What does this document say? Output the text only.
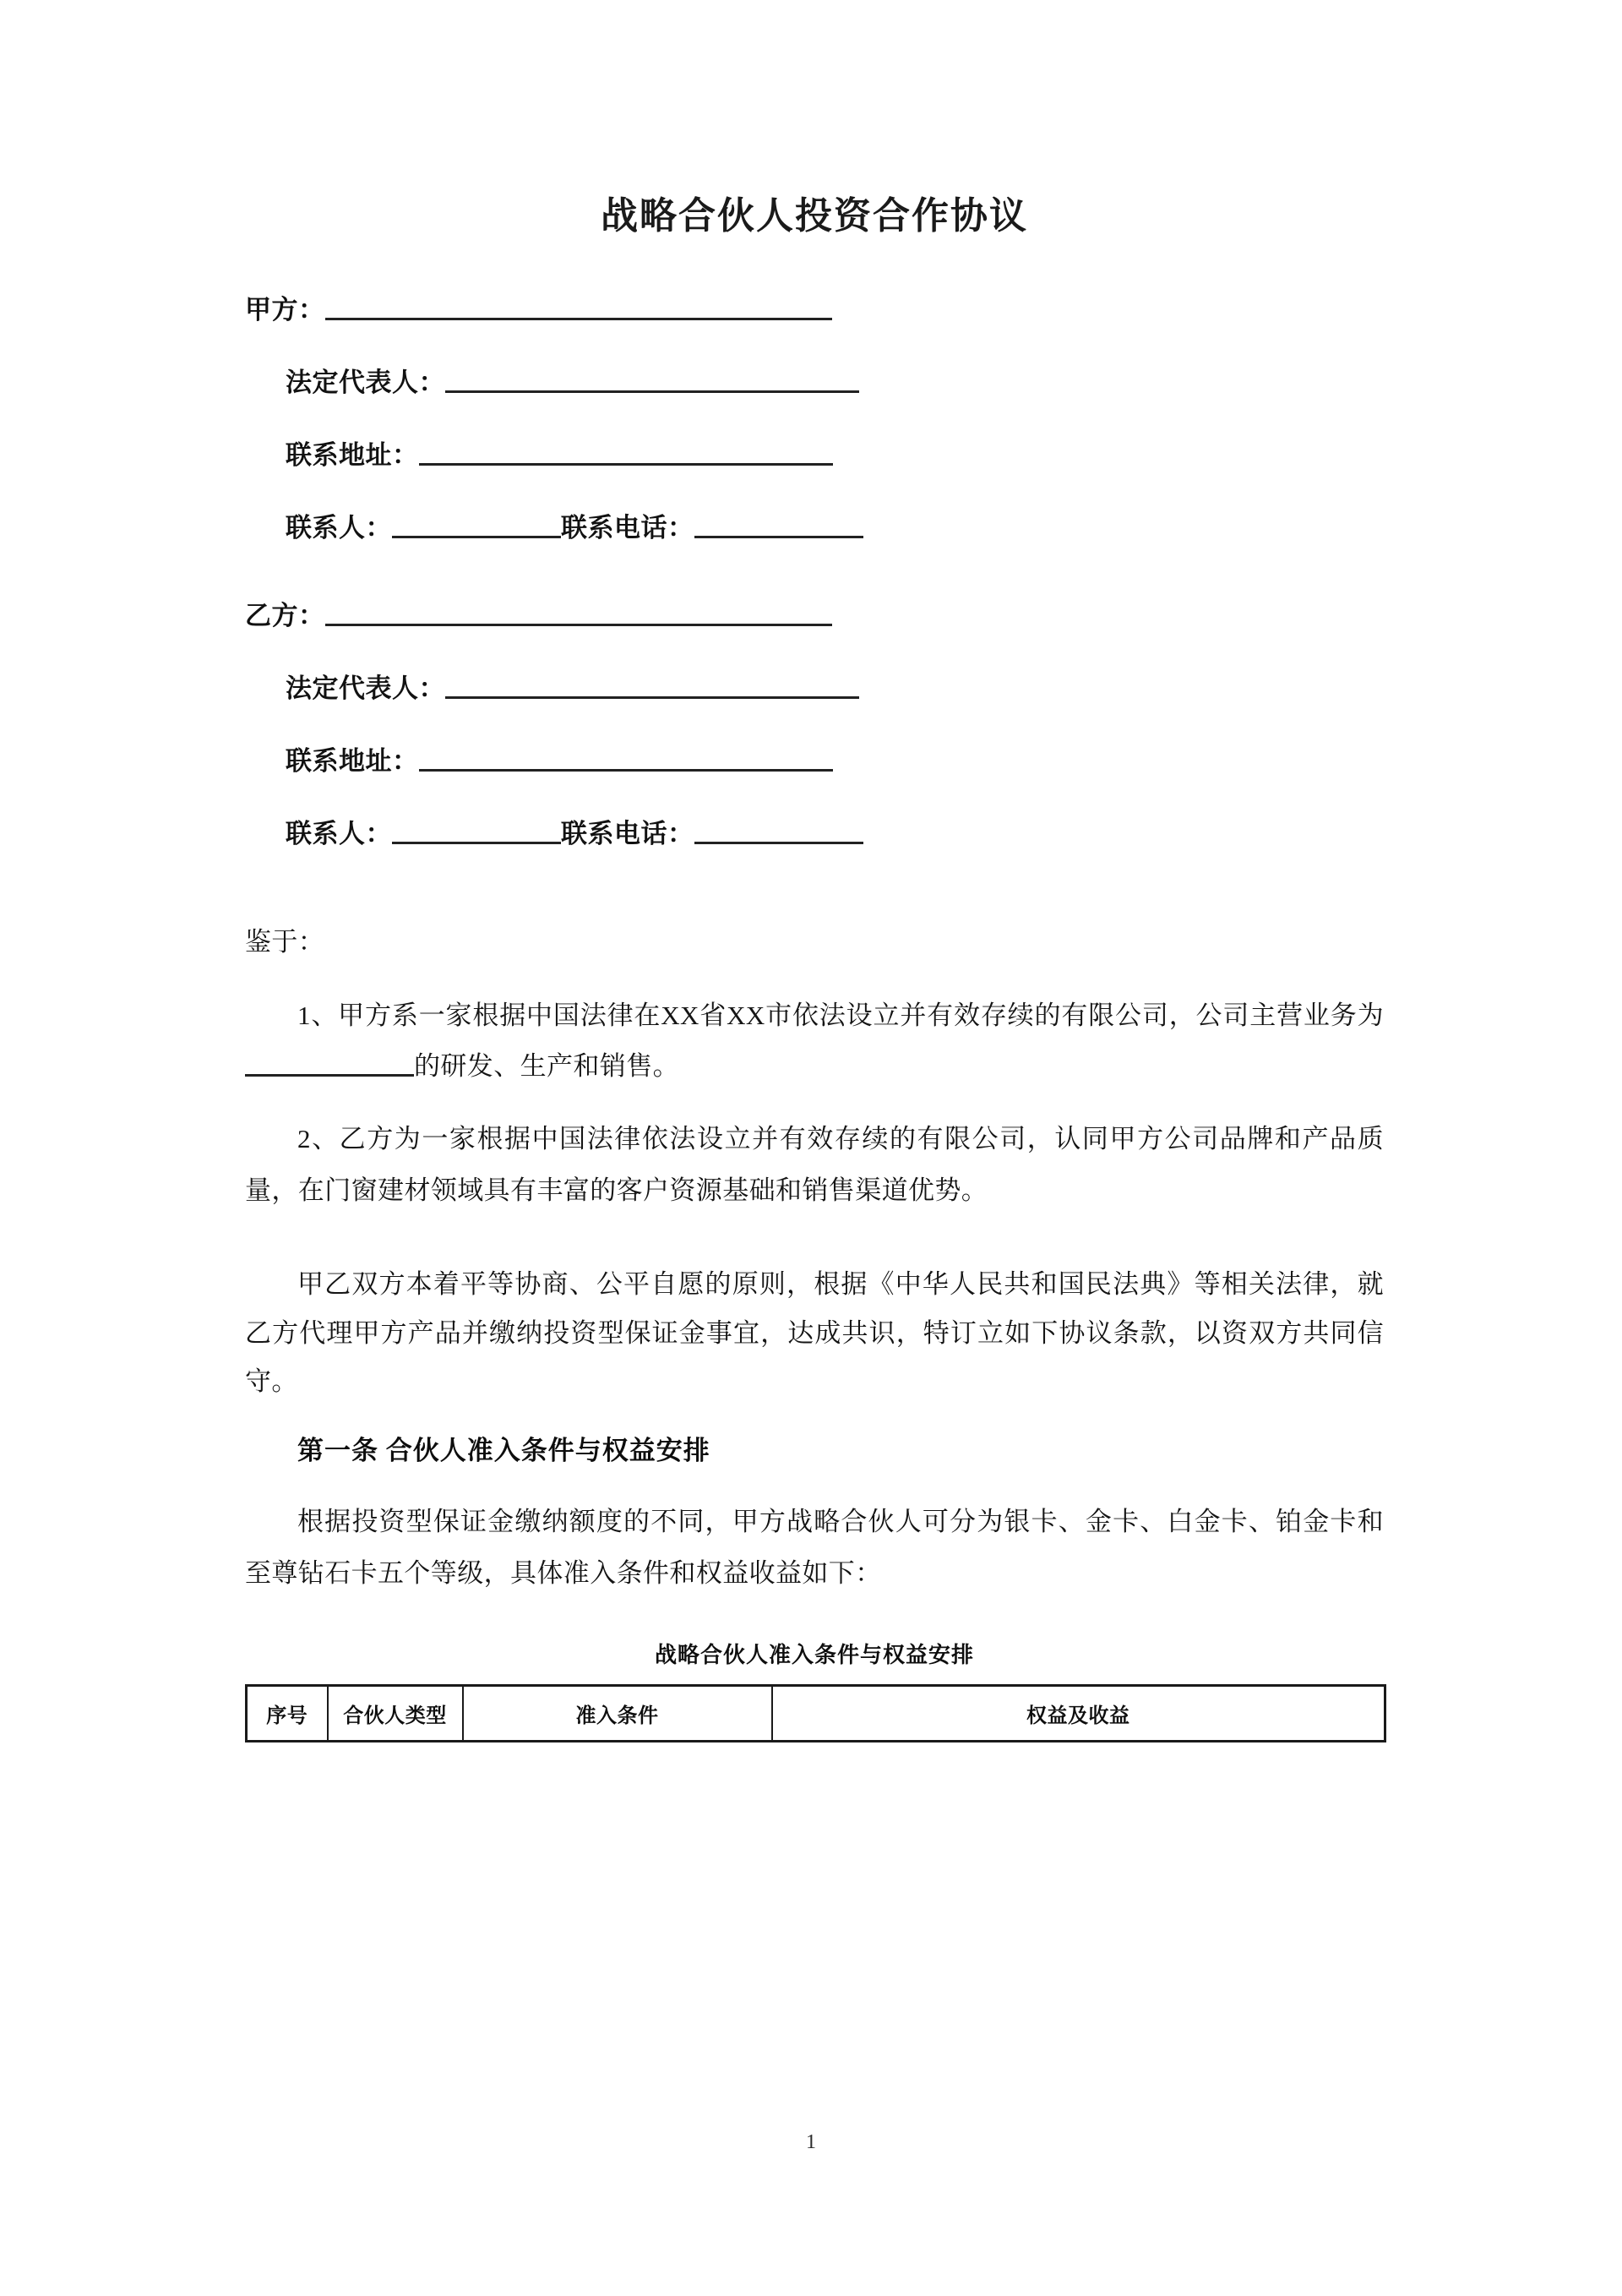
战略合伙人投资合作协议
甲方：
法定代表人：
联系地址：
联系人：	联系电话：
乙方：
法定代表人：
联系地址：
联系人：	联系电话：

鉴于：

1、甲方系一家根据中国法律在XX省XX市依法设立并有效存续的有限公司，公司主营业务为的研发、生产和销售。

2、乙方为一家根据中国法律依法设立并有效存续的有限公司，认同甲方公司品牌和产品质量，在门窗建材领域具有丰富的客户资源基础和销售渠道优势。

甲乙双方本着平等协商、公平自愿的原则，根据《中华人民共和国民法典》等相关法律，就乙方代理甲方产品并缴纳投资型保证金事宜，达成共识，特订立如下协议条款，以资双方共同信守。

第一条 合伙人准入条件与权益安排

根据投资型保证金缴纳额度的不同，甲方战略合伙人可分为银卡、金卡、白金卡、铂金卡和至尊钻石卡五个等级，具体准入条件和权益收益如下：

战略合伙人准入条件与权益安排
序号	合伙人类型	准入条件	权益及收益
1
